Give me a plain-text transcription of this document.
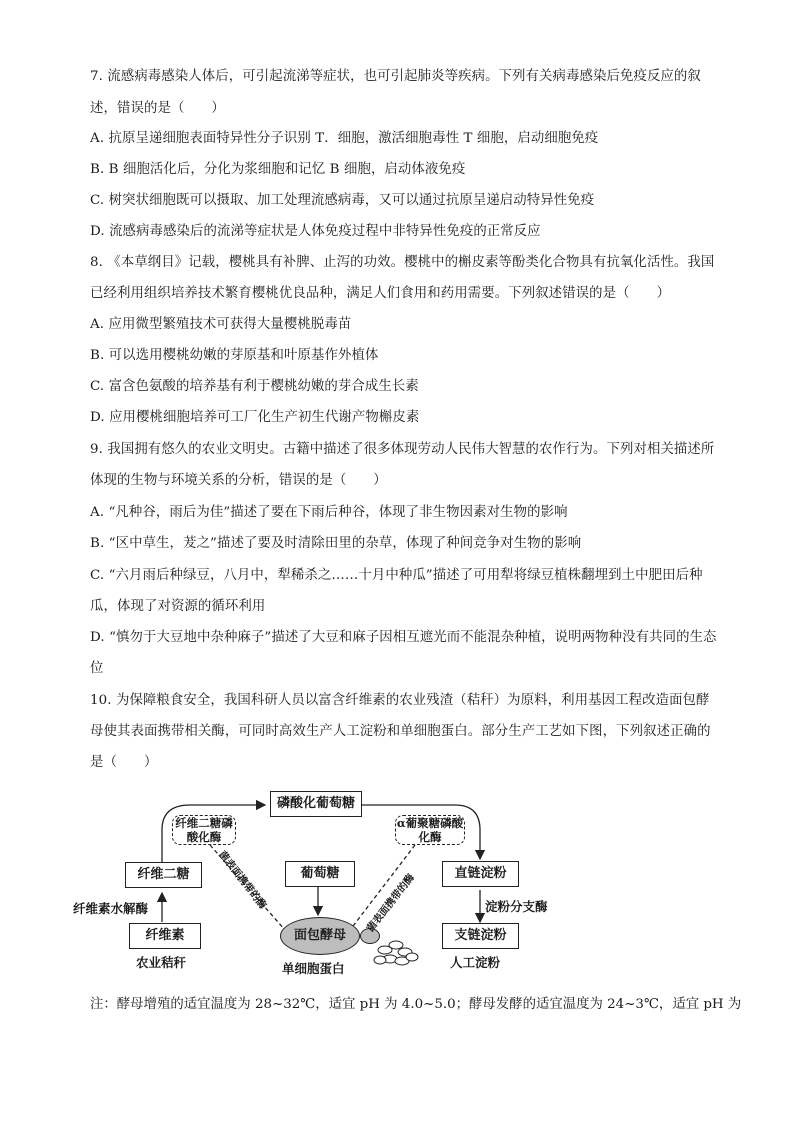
7. 流感病毒感染人体后，可引起流涕等症状，也可引起肺炎等疾病。下列有关病毒感染后免疫反应的叙
述，错误的是（　　）
A. 抗原呈递细胞表面特异性分子识别 T．细胞，激活细胞毒性 T 细胞，启动细胞免疫
B. B 细胞活化后，分化为浆细胞和记忆 B 细胞，启动体液免疫
C. 树突状细胞既可以摄取、加工处理流感病毒，又可以通过抗原呈递启动特异性免疫
D. 流感病毒感染后的流涕等症状是人体免疫过程中非特异性免疫的正常反应
8. 《本草纲目》记载，樱桃具有补脾、止泻的功效。樱桃中的槲皮素等酚类化合物具有抗氧化活性。我国
已经利用组织培养技术繁育樱桃优良品种，满足人们食用和药用需要。下列叙述错误的是（　　）
A. 应用微型繁殖技术可获得大量樱桃脱毒苗
B. 可以选用樱桃幼嫩的芽原基和叶原基作外植体
C. 富含色氨酸的培养基有利于樱桃幼嫩的芽合成生长素
D. 应用樱桃细胞培养可工厂化生产初生代谢产物槲皮素
9. 我国拥有悠久的农业文明史。古籍中描述了很多体现劳动人民伟大智慧的农作行为。下列对相关描述所
体现的生物与环境关系的分析，错误的是（　　）
A. “凡种谷，雨后为佳”描述了要在下雨后种谷，体现了非生物因素对生物的影响
B. “区中草生，茇之”描述了要及时清除田里的杂草，体现了种间竞争对生物的影响
C. “六月雨后种绿豆，八月中，犁稀杀之……十月中种瓜”描述了可用犁将绿豆植株翻埋到土中肥田后种
瓜，体现了对资源的循环利用
D. “慎勿于大豆地中杂种麻子”描述了大豆和麻子因相互遮光而不能混杂种植，说明两物种没有共同的生态
位
10. 为保障粮食安全，我国科研人员以富含纤维素的农业残渣（秸秆）为原料，利用基因工程改造面包酵
母使其表面携带相关酶，可同时高效生产人工淀粉和单细胞蛋白。部分生产工艺如下图，下列叙述正确的
是（　　）
纤维素
农业秸秆
纤维素水解酶
纤维二糖
纤维二糖磷酸化酶
磷酸化葡萄糖
葡萄糖
面包酵母
单细胞蛋白
α葡聚糖磷酸化酶
直链淀粉
淀粉分支酶
支链淀粉
人工淀粉
菌表面携带的酶	菌表面携带的酶
注：酵母增殖的适宜温度为 28~32℃，适宜 pH 为 4.0~5.0；酵母发酵的适宜温度为 24~3℃，适宜 pH 为
